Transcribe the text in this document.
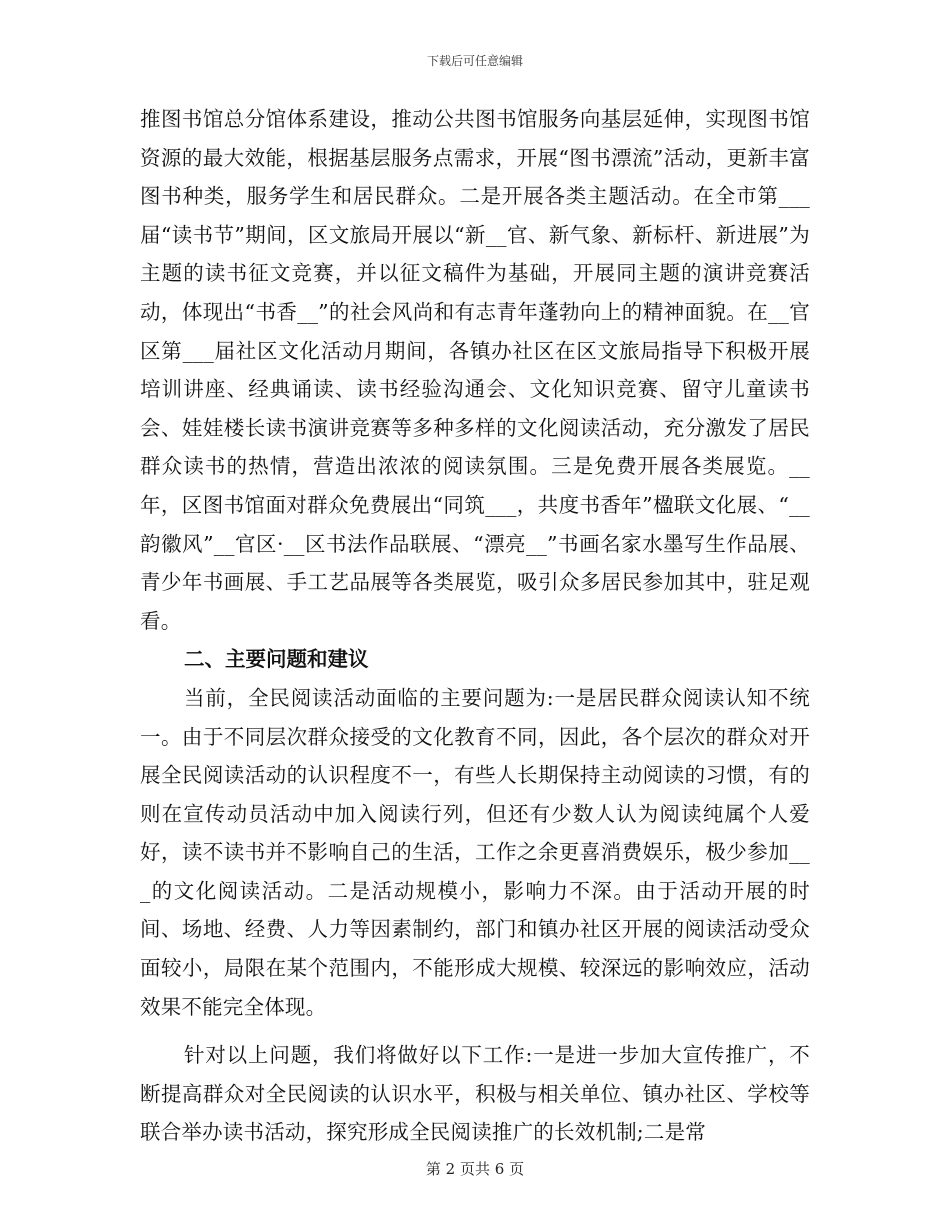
下载后可任意编辑

推图书馆总分馆体系建设，推动公共图书馆服务向基层延伸，实现图书馆资源的最大效能，根据基层服务点需求，开展“图书漂流”活动，更新丰富图书种类，服务学生和居民群众。二是开展各类主题活动。在全市第___届“读书节”期间，区文旅局开展以“新__官、新气象、新标杆、新进展”为主题的读书征文竞赛，并以征文稿件为基础，开展同主题的演讲竞赛活动，体现出“书香__”的社会风尚和有志青年蓬勃向上的精神面貌。在__官区第___届社区文化活动月期间，各镇办社区在区文旅局指导下积极开展培训讲座、经典诵读、读书经验沟通会、文化知识竞赛、留守儿童读书会、娃娃楼长读书演讲竞赛等多种多样的文化阅读活动，充分激发了居民群众读书的热情，营造出浓浓的阅读氛围。三是免费开展各类展览。__年，区图书馆面对群众免费展出“同筑___，共度书香年”楹联文化展、“__韵徽风”__官区·__区书法作品联展、“漂亮__”书画名家水墨写生作品展、青少年书画展、手工艺品展等各类展览，吸引众多居民参加其中，驻足观看。

二、主要问题和建议

当前，全民阅读活动面临的主要问题为:一是居民群众阅读认知不统一。由于不同层次群众接受的文化教育不同，因此，各个层次的群众对开展全民阅读活动的认识程度不一，有些人长期保持主动阅读的习惯，有的则在宣传动员活动中加入阅读行列，但还有少数人认为阅读纯属个人爱好，读不读书并不影响自己的生活，工作之余更喜消费娱乐，极少参加___的文化阅读活动。二是活动规模小，影响力不深。由于活动开展的时间、场地、经费、人力等因素制约，部门和镇办社区开展的阅读活动受众面较小，局限在某个范围内，不能形成大规模、较深远的影响效应，活动效果不能完全体现。

针对以上问题，我们将做好以下工作:一是进一步加大宣传推广，不断提高群众对全民阅读的认识水平，积极与相关单位、镇办社区、学校等联合举办读书活动，探究形成全民阅读推广的长效机制;二是常

第 2 页共 6 页
